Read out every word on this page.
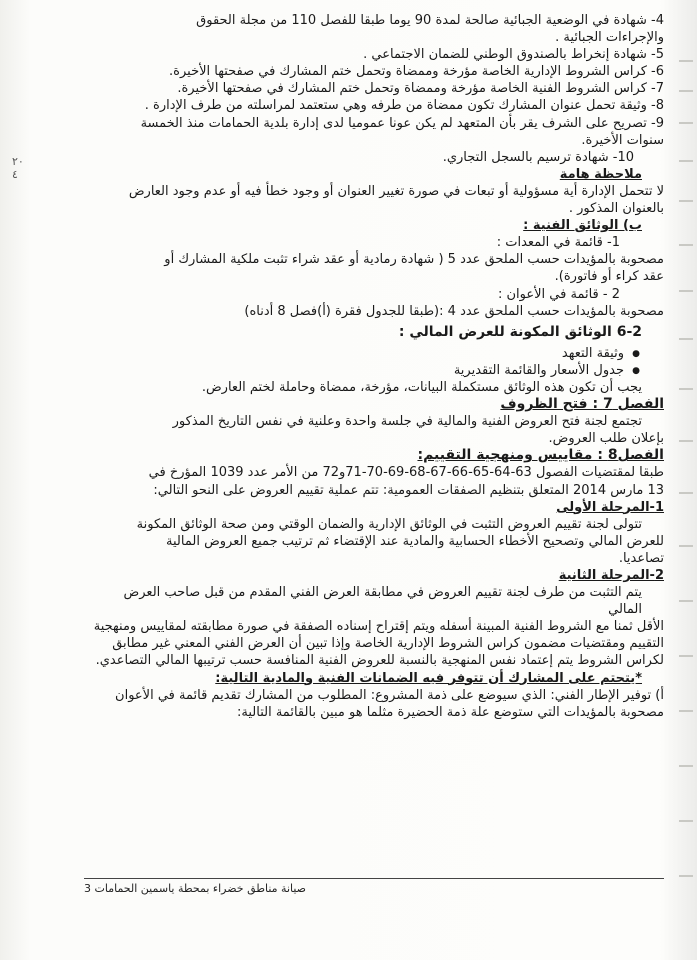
٢٠
٤

4- شهادة في الوضعية الجبائية صالحة لمدة 90 يوما طبقا للفصل 110 من مجلة الحقوق

والإجراءات الجبائية .

5- شهادة إنخراط بالصندوق الوطني للضمان الاجتماعي .

6- كراس الشروط الإدارية الخاصة مؤرخة وممضاة وتحمل ختم المشارك في صفحتها الأخيرة.

7- كراس الشروط الفنية الخاصة مؤرخة وممضاة وتحمل ختم المشارك في صفحتها الأخيرة.

8- وثيقة تحمل عنوان المشارك تكون ممضاة من طرفه وهي ستعتمد لمراسلته من طرف الإدارة .

9- تصريح على الشرف يقر بأن المتعهد لم يكن عونا عموميا لدى إدارة بلدية الحمامات منذ الخمسة

سنوات الأخيرة.

10- شهادة ترسيم بالسجل التجاري.

ملاحظة هامة

لا تتحمل الإدارة أية مسؤولية أو تبعات في صورة تغيير العنوان أو وجود خطأ فيه أو عدم وجود العارض

بالعنوان المذكور .

ب) الوثائق الفنية :

1- قائمة في المعدات :

مصحوبة بالمؤيدات حسب الملحق عدد 5 ( شهادة رمادية أو عقد شراء تثبت ملكية المشارك أو

عقد كراء أو فاتورة).

2 - قائمة في الأعوان :

مصحوبة بالمؤيدات حسب الملحق عدد 4 :(طبقا للجدول فقرة (أ)فصل 8 أدناه)

6-2 الوثائق المكونة للعرض المالي :

● وثيقة التعهد

● جدول الأسعار والقائمة التقديرية

يجب أن تكون هذه الوثائق مستكملة البيانات، مؤرخة، ممضاة وحاملة لختم العارض.

الفصل 7 : فتح الظروف

تجتمع لجنة فتح العروض الفنية والمالية في جلسة واحدة وعلنية في نفس التاريخ المذكور

بإعلان طلب العروض.

الفصل8 : مقاييس ومنهجية التقييم:

طبقا لمقتضيات الفصول 63-64-65-66-67-68-69-70-71و72 من الأمر عدد 1039 المؤرخ في

13 مارس 2014 المتعلق بتنظيم الصفقات العمومية: تتم عملية تقييم العروض على النحو التالي:

1-المرحلة الأولى

تتولى لجنة تقييم العروض التثبت في الوثائق الإدارية والضمان الوقتي ومن صحة الوثائق المكونة

للعرض المالي وتصحيح الأخطاء الحسابية والمادية عند الإقتضاء ثم ترتيب جميع العروض المالية

تصاعديا.

2-المرحلة الثانية

يتم التثبت من طرف لجنة تقييم العروض في مطابقة العرض الفني المقدم من قبل صاحب العرض المالي

الأقل ثمنا مع الشروط الفنية المبينة أسفله ويتم إقتراح إسناده الصفقة في صورة مطابقته لمقاييس ومنهجية

التقييم ومقتضيات مضمون كراس الشروط الإدارية الخاصة وإذا تبين أن العرض الفني المعني غير مطابق

لكراس الشروط يتم إعتماد نفس المنهجية بالنسبة للعروض الفنية المنافسة حسب ترتيبها المالي التصاعدي.

*يتحتم على المشارك أن تتوفر فيه الضمانات الفنية والمادية التالية:

أ) توفير الإطار الفني: الذي سيوضع على ذمة المشروع: المطلوب من المشارك تقديم قائمة في الأعوان

مصحوبة بالمؤيدات التي ستوضع علة ذمة الحضيرة مثلما هو مبين بالقائمة التالية:

صيانة مناطق خضراء بمحطة ياسمين الحمامات 3
